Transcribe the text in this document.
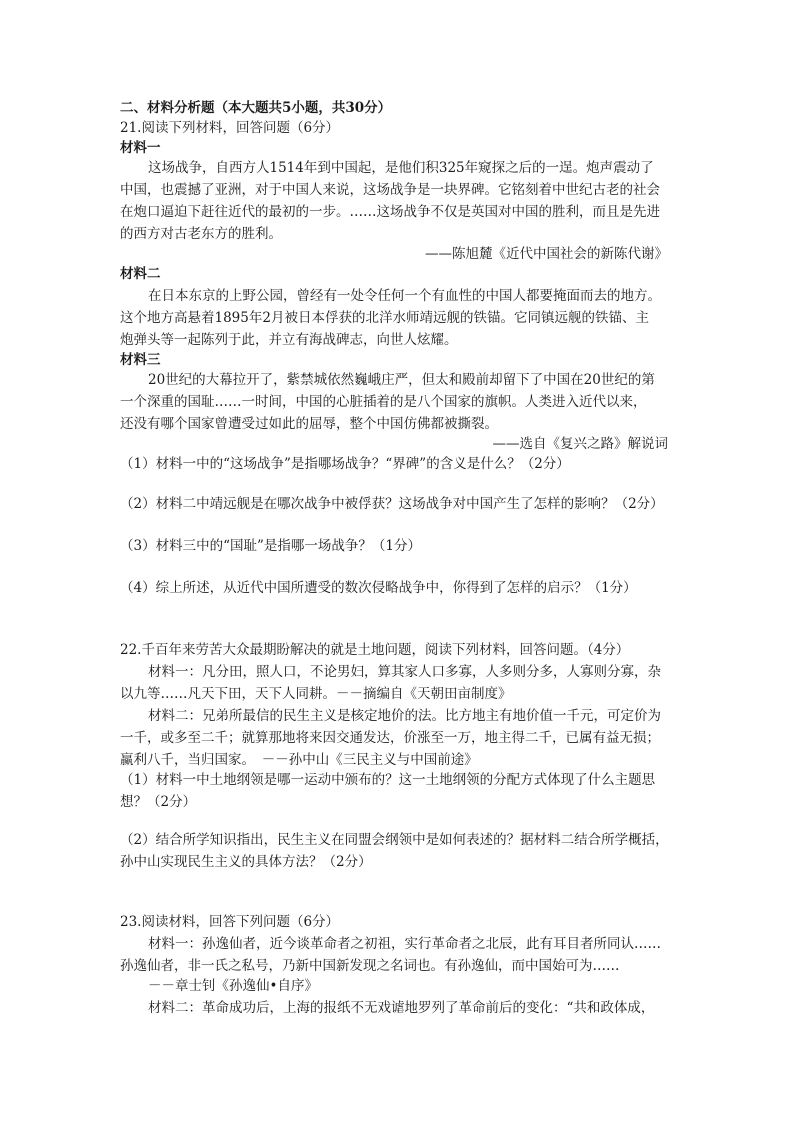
二、材料分析题（本大题共5小题，共30分）
21.阅读下列材料，回答问题（6分）
材料一
这场战争，自西方人1514年到中国起，是他们积325年窥探之后的一逞。炮声震动了
中国，也震撼了亚洲，对于中国人来说，这场战争是一块界碑。它铭刻着中世纪古老的社会
在炮口逼迫下赶往近代的最初的一步。……这场战争不仅是英国对中国的胜利，而且是先进
的西方对古老东方的胜利。
——陈旭麓《近代中国社会的新陈代谢》
材料二
在日本东京的上野公园，曾经有一处令任何一个有血性的中国人都要掩面而去的地方。
这个地方高悬着1895年2月被日本俘获的北洋水师靖远舰的铁锚。它同镇远舰的铁锚、主
炮弹头等一起陈列于此，并立有海战碑志，向世人炫耀。
材料三
20世纪的大幕拉开了，紫禁城依然巍峨庄严，但太和殿前却留下了中国在20世纪的第
一个深重的国耻……一时间，中国的心脏插着的是八个国家的旗帜。人类进入近代以来，
还没有哪个国家曾遭受过如此的屈辱，整个中国仿佛都被撕裂。
——选自《复兴之路》解说词
（1）材料一中的“这场战争”是指哪场战争？“界碑”的含义是什么？（2分）
（2）材料二中靖远舰是在哪次战争中被俘获？这场战争对中国产生了怎样的影响？（2分）
（3）材料三中的“国耻”是指哪一场战争？（1分）
（4）综上所述，从近代中国所遭受的数次侵略战争中，你得到了怎样的启示？（1分）
22.千百年来劳苦大众最期盼解决的就是土地问题，阅读下列材料，回答问题。（4分）
材料一：凡分田，照人口，不论男妇，算其家人口多寡，人多则分多，人寡则分寡，杂
以九等……凡天下田，天下人同耕。－－摘编自《天朝田亩制度》
材料二：兄弟所最信的民生主义是核定地价的法。比方地主有地价值一千元，可定价为
一千，或多至二千；就算那地将来因交通发达，价涨至一万，地主得二千，已属有益无损；
赢利八千，当归国家。　－－孙中山《三民主义与中国前途》
（1）材料一中土地纲领是哪一运动中颁布的？这一土地纲领的分配方式体现了什么主题思
想？（2分）
（2）结合所学知识指出，民生主义在同盟会纲领中是如何表述的？据材料二结合所学概括，
孙中山实现民生主义的具体方法？（2分）
23.阅读材料，回答下列问题（6分）
材料一：孙逸仙者，近今谈革命者之初祖，实行革命者之北辰，此有耳目者所同认……
孙逸仙者，非一氏之私号，乃新中国新发现之名词也。有孙逸仙，而中国始可为……
－－章士钊《孙逸仙•自序》
材料二：革命成功后，上海的报纸不无戏谑地罗列了革命前后的变化：“共和政体成，
